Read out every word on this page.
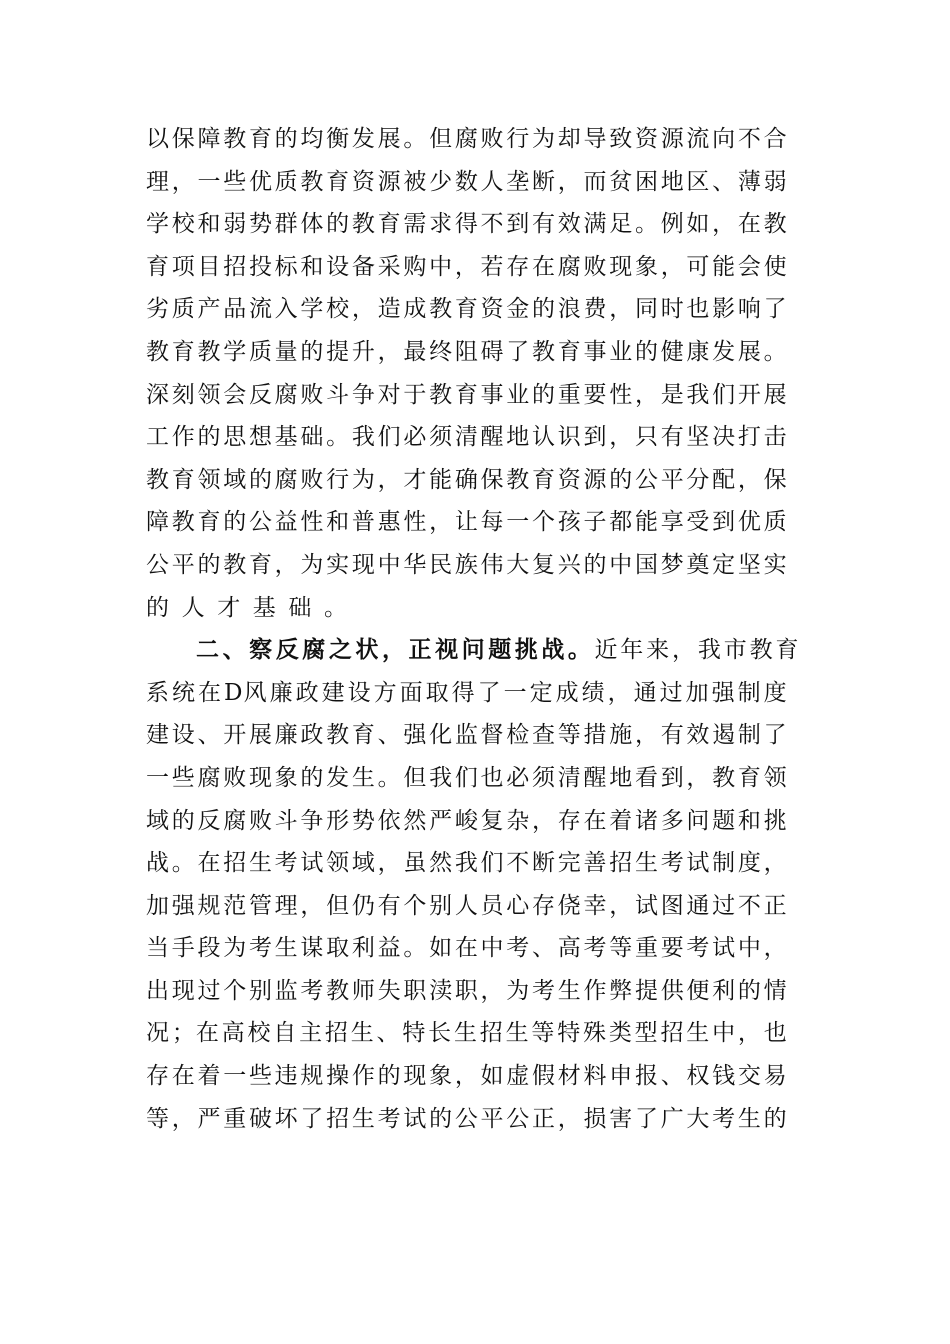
以 保 障 教 育 的 均 衡 发 展 。 但 腐 败 行 为 却 导 致 资 源 流 向 不 合
理 ， 一 些 优 质 教 育 资 源 被 少 数 人 垄 断 ， 而 贫 困 地 区 、 薄 弱
学 校 和 弱 势 群 体 的 教 育 需 求 得 不 到 有 效 满 足 。 例 如 ， 在 教
育 项 目 招 投 标 和 设 备 采 购 中 ， 若 存 在 腐 败 现 象 ， 可 能 会 使
劣 质 产 品 流 入 学 校 ， 造 成 教 育 资 金 的 浪 费 ， 同 时 也 影 响 了
教 育 教 学 质 量 的 提 升 ， 最 终 阻 碍 了 教 育 事 业 的 健 康 发 展 。
深 刻 领 会 反 腐 败 斗 争 对 于 教 育 事 业 的 重 要 性 ， 是 我 们 开 展
工 作 的 思 想 基 础 。 我 们 必 须 清 醒 地 认 识 到 ， 只 有 坚 决 打 击
教 育 领 域 的 腐 败 行 为 ， 才 能 确 保 教 育 资 源 的 公 平 分 配 ， 保
障 教 育 的 公 益 性 和 普 惠 性 ， 让 每 一 个 孩 子 都 能 享 受 到 优 质
公 平 的 教 育 ， 为 实 现 中 华 民 族 伟 大 复 兴 的 中 国 梦 奠 定 坚 实
的人才基础。
二 、 察 反 腐 之 状 ， 正 视 问 题 挑 战 。 近 年 来 ， 我 市 教 育
系 统 在 D 风 廉 政 建 设 方 面 取 得 了 一 定 成 绩 ， 通 过 加 强 制 度
建 设 、 开 展 廉 政 教 育 、 强 化 监 督 检 查 等 措 施 ， 有 效 遏 制 了
一 些 腐 败 现 象 的 发 生 。 但 我 们 也 必 须 清 醒 地 看 到 ， 教 育 领
域 的 反 腐 败 斗 争 形 势 依 然 严 峻 复 杂 ， 存 在 着 诸 多 问 题 和 挑
战 。 在 招 生 考 试 领 域 ， 虽 然 我 们 不 断 完 善 招 生 考 试 制 度 ，
加 强 规 范 管 理 ， 但 仍 有 个 别 人 员 心 存 侥 幸 ， 试 图 通 过 不 正
当 手 段 为 考 生 谋 取 利 益 。 如 在 中 考 、 高 考 等 重 要 考 试 中 ，
出 现 过 个 别 监 考 教 师 失 职 渎 职 ， 为 考 生 作 弊 提 供 便 利 的 情
况 ； 在 高 校 自 主 招 生 、 特 长 生 招 生 等 特 殊 类 型 招 生 中 ， 也
存 在 着 一 些 违 规 操 作 的 现 象 ， 如 虚 假 材 料 申 报 、 权 钱 交 易
等 ， 严 重 破 坏 了 招 生 考 试 的 公 平 公 正 ， 损 害 了 广 大 考 生 的
